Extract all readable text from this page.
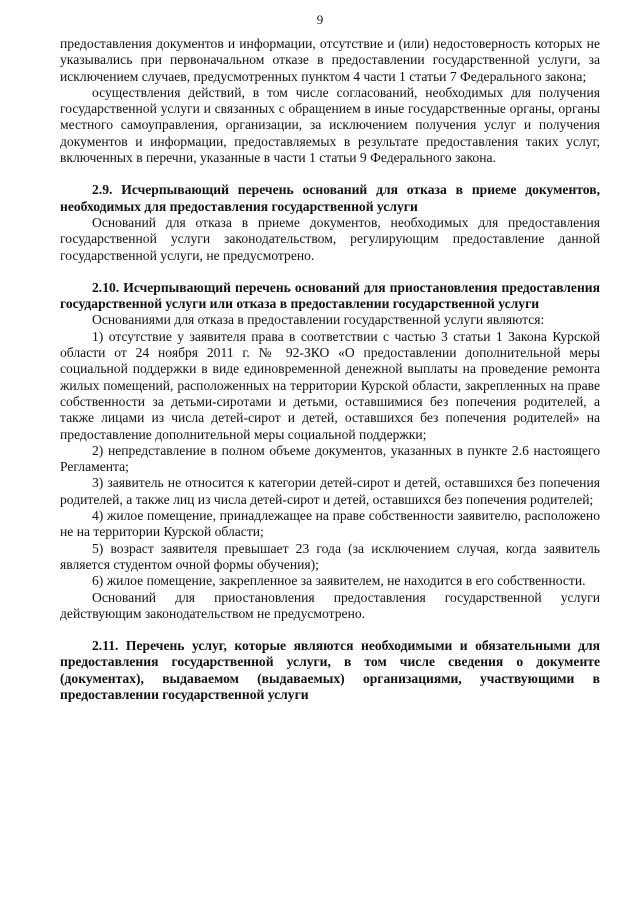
9

предоставления документов и информации, отсутствие и (или) недостоверность которых не указывались при первоначальном отказе в предоставлении государственной услуги, за исключением случаев, предусмотренных пунктом 4 части 1 статьи 7 Федерального закона;

осуществления действий, в том числе согласований, необходимых для получения государственной услуги и связанных с обращением в иные государственные органы, органы местного самоуправления, организации, за исключением получения услуг и получения документов и информации, предоставляемых в результате предоставления таких услуг, включенных в перечни, указанные в части 1 статьи 9 Федерального закона.

2.9. Исчерпывающий перечень оснований для отказа в приеме документов, необходимых для предоставления государственной услуги

Оснований для отказа в приеме документов, необходимых для предоставления государственной услуги законодательством, регулирующим предоставление данной государственной услуги, не предусмотрено.

2.10. Исчерпывающий перечень оснований для приостановления предоставления государственной услуги или отказа в предоставлении государственной услуги

Основаниями для отказа в предоставлении государственной услуги являются:

1) отсутствие у заявителя права в соответствии с частью 3 статьи 1 Закона Курской области от 24 ноября 2011 г. № 92-ЗКО «О предоставлении дополнительной меры социальной поддержки в виде единовременной денежной выплаты на проведение ремонта жилых помещений, расположенных на территории Курской области, закрепленных на праве собственности за детьми-сиротами и детьми, оставшимися без попечения родителей, а также лицами из числа детей-сирот и детей, оставшихся без попечения родителей» на предоставление дополнительной меры социальной поддержки;

2) непредставление в полном объеме документов, указанных в пункте 2.6 настоящего Регламента;

3) заявитель не относится к категории детей-сирот и детей, оставшихся без попечения родителей, а также лиц из числа детей-сирот и детей, оставшихся без попечения родителей;

4) жилое помещение, принадлежащее на праве собственности заявителю, расположено не на территории Курской области;

5) возраст заявителя превышает 23 года (за исключением случая, когда заявитель является студентом очной формы обучения);

6) жилое помещение, закрепленное за заявителем, не находится в его собственности.

Оснований для приостановления предоставления государственной услуги действующим законодательством не предусмотрено.

2.11. Перечень услуг, которые являются необходимыми и обязательными для предоставления государственной услуги, в том числе сведения о документе (документах), выдаваемом (выдаваемых) организациями, участвующими в предоставлении государственной услуги
